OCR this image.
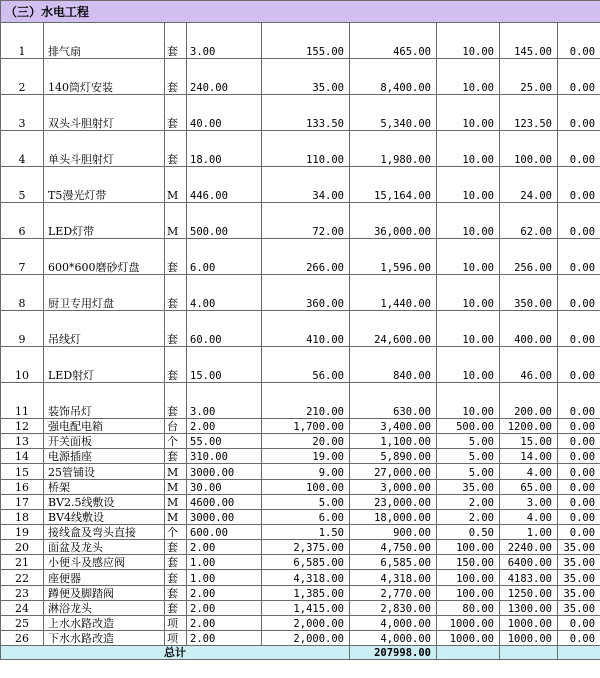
（三）水电工程								
1	排气扇	套	3.00	155.00	465.00	10.00	145.00	0.00
2	140筒灯安装	套	240.00	35.00	8,400.00	10.00	25.00	0.00
3	双头斗胆射灯	套	40.00	133.50	5,340.00	10.00	123.50	0.00
4	单头斗胆射灯	套	18.00	110.00	1,980.00	10.00	100.00	0.00
5	T5漫光灯带	M	446.00	34.00	15,164.00	10.00	24.00	0.00
6	LED灯带	M	500.00	72.00	36,000.00	10.00	62.00	0.00
7	600*600磨砂灯盘	套	6.00	266.00	1,596.00	10.00	256.00	0.00
8	厨卫专用灯盘	套	4.00	360.00	1,440.00	10.00	350.00	0.00
9	吊线灯	套	60.00	410.00	24,600.00	10.00	400.00	0.00
10	LED射灯	套	15.00	56.00	840.00	10.00	46.00	0.00
11	装饰吊灯	套	3.00	210.00	630.00	10.00	200.00	0.00
12	强电配电箱	台	2.00	1,700.00	3,400.00	500.00	1200.00	0.00
13	开关面板	个	55.00	20.00	1,100.00	5.00	15.00	0.00
14	电源插座	套	310.00	19.00	5,890.00	5.00	14.00	0.00
15	25管铺设	M	3000.00	9.00	27,000.00	5.00	4.00	0.00
16	桥架	M	30.00	100.00	3,000.00	35.00	65.00	0.00
17	BV2.5线敷设	M	4600.00	5.00	23,000.00	2.00	3.00	0.00
18	BV4线敷设	M	3000.00	6.00	18,000.00	2.00	4.00	0.00
19	接线盒及弯头直接	个	600.00	1.50	900.00	0.50	1.00	0.00
20	面盆及龙头	套	2.00	2,375.00	4,750.00	100.00	2240.00	35.00
21	小便斗及感应阀	套	1.00	6,585.00	6,585.00	150.00	6400.00	35.00
22	座便器	套	1.00	4,318.00	4,318.00	100.00	4183.00	35.00
23	蹲便及脚踏阀	套	2.00	1,385.00	2,770.00	100.00	1250.00	35.00
24	淋浴龙头	套	2.00	1,415.00	2,830.00	80.00	1300.00	35.00
25	上水水路改造	项	2.00	2,000.00	4,000.00	1000.00	1000.00	0.00
26	下水水路改造	项	2.00	2,000.00	4,000.00	1000.00	1000.00	0.00
总计					207998.00			
